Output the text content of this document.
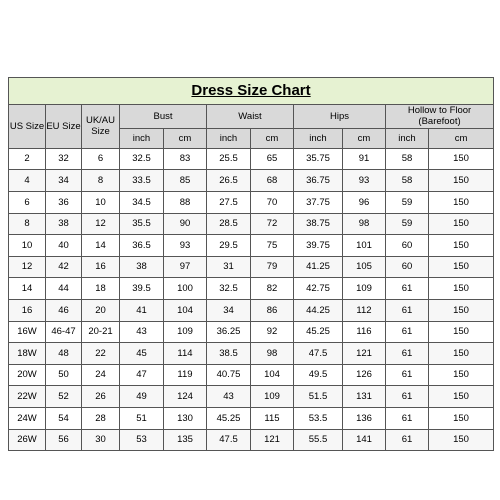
Dress Size Chart										
US Size	EU Size	UK/AU Size	Bust		Waist		Hips		Hollow to Floor (Barefoot)	
			inch	cm	inch	cm	inch	cm	inch	cm
2	32	6	32.5	83	25.5	65	35.75	91	58	150
4	34	8	33.5	85	26.5	68	36.75	93	58	150
6	36	10	34.5	88	27.5	70	37.75	96	59	150
8	38	12	35.5	90	28.5	72	38.75	98	59	150
10	40	14	36.5	93	29.5	75	39.75	101	60	150
12	42	16	38	97	31	79	41.25	105	60	150
14	44	18	39.5	100	32.5	82	42.75	109	61	150
16	46	20	41	104	34	86	44.25	112	61	150
16W	46-47	20-21	43	109	36.25	92	45.25	116	61	150
18W	48	22	45	114	38.5	98	47.5	121	61	150
20W	50	24	47	119	40.75	104	49.5	126	61	150
22W	52	26	49	124	43	109	51.5	131	61	150
24W	54	28	51	130	45.25	115	53.5	136	61	150
26W	56	30	53	135	47.5	121	55.5	141	61	150
